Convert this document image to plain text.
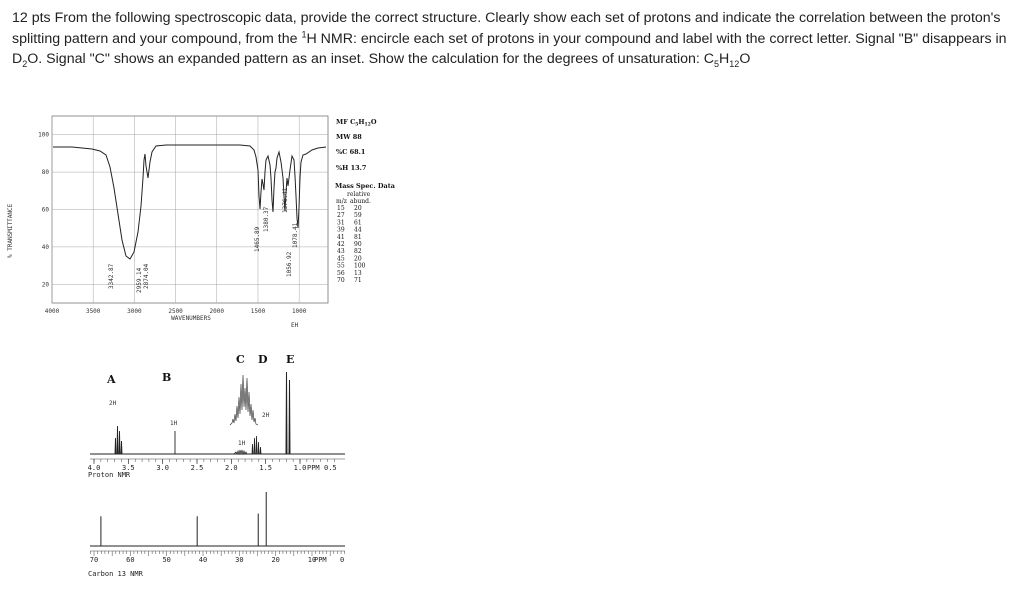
12 pts From the following spectroscopic data, provide the correct structure. Clearly show each set of protons and indicate the correlation between the proton's splitting pattern and your compound, from the $^1$H NMR: encircle each set of protons in your compound and label with the correct letter. Signal "B" disappears in $D_2O$. Signal "C" shows an expanded pattern as an inset. Show the calculation for the degrees of unsaturation: $C_5H_{12}O$

% TRANSMITTANCE
WAVENUMBERS
EH
4000	3500	3000	2500	2000	1500	1000
100
80
60
40
20	3342.87	2959.14 2874.04
1465.89
1380.37
1376.41
1056.92
1078.41
MF $C_5H_{12}O$
MW 88
%C 68.1
%H 13.7
Mass Spec. Data
relative
m/z abund.
15 20
27 59
31 61
39 44
41 81
42 90
43 82
45 20
55 100
56 13
70 71
4.0	3.5	3.0	2.5	2.0	1.5	1.0 PPM 0.5
Proton NMR
A
2H
B
1H
C
1H
D
2H
E
70	60	50	40	30	20	10
PPM 0
Carbon 13 NMR
